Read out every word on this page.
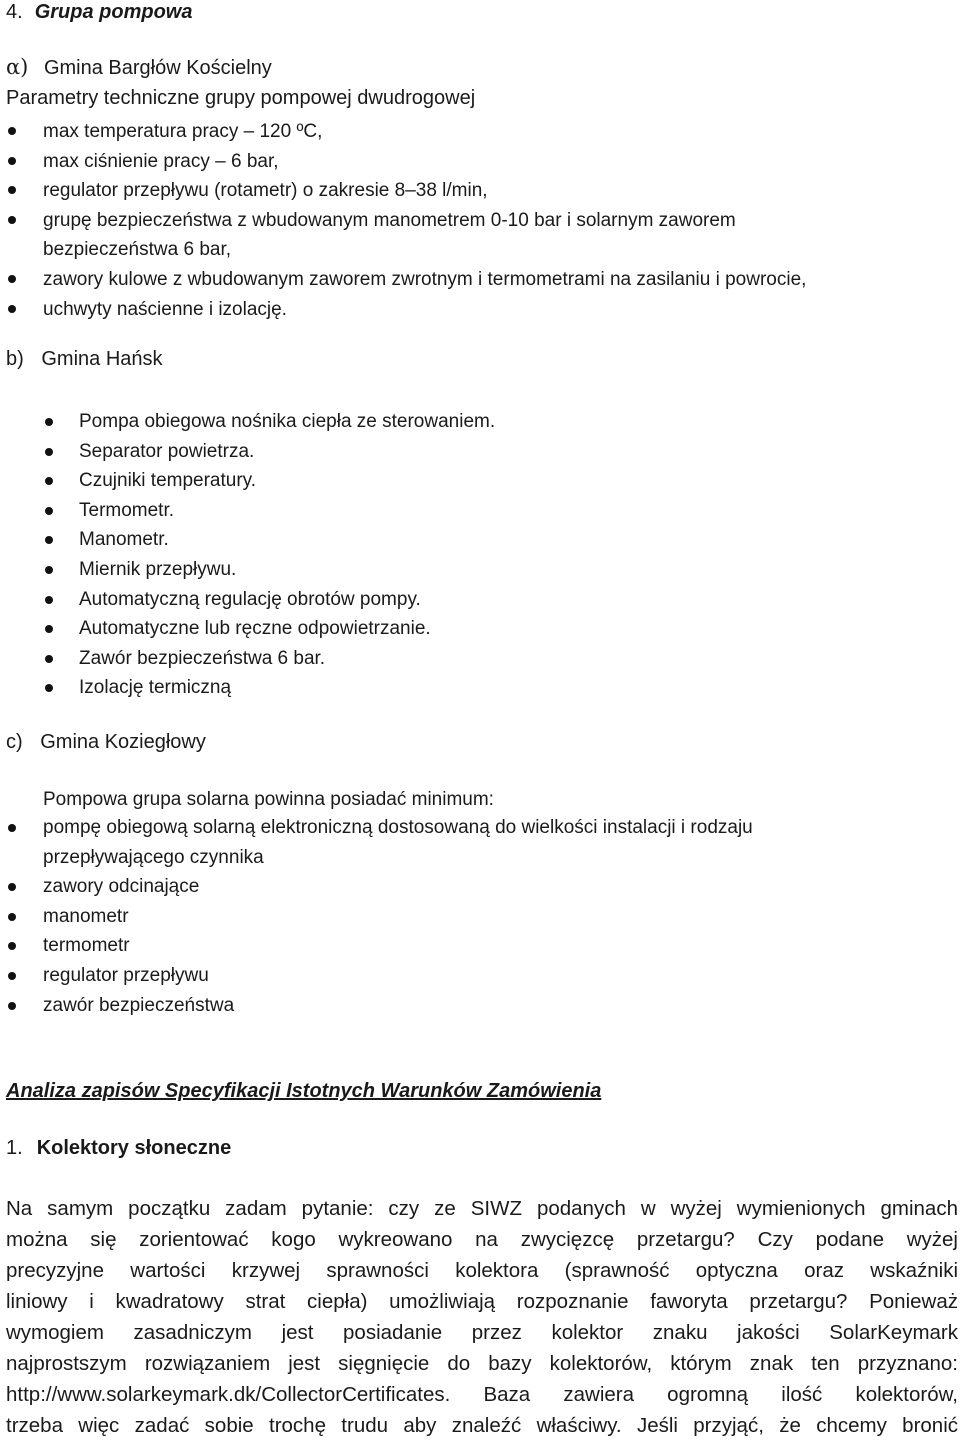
4. Grupa pompowa
α) Gmina Bargłów Kościelny
Parametry techniczne grupy pompowej dwudrogowej
max temperatura pracy – 120 ºC,
max ciśnienie pracy – 6 bar,
regulator przepływu (rotametr) o zakresie 8–38 l/min,
grupę bezpieczeństwa z wbudowanym manometrem 0-10 bar i solarnym zaworem
bezpieczeństwa 6 bar,
zawory kulowe z wbudowanym zaworem zwrotnym i termometrami na zasilaniu i powrocie,
uchwyty naścienne i izolację.
b) Gmina Hańsk
Pompa obiegowa nośnika ciepła ze sterowaniem.
Separator powietrza.
Czujniki temperatury.
Termometr.
Manometr.
Miernik przepływu.
Automatyczną regulację obrotów pompy.
Automatyczne lub ręczne odpowietrzanie.
Zawór bezpieczeństwa 6 bar.
Izolację termiczną
c) Gmina Koziegłowy
Pompowa grupa solarna powinna posiadać minimum:
pompę obiegową solarną elektroniczną dostosowaną do wielkości instalacji i rodzaju
przepływającego czynnika
zawory odcinające
manometr
termometr
regulator przepływu
zawór bezpieczeństwa
Analiza zapisów Specyfikacji Istotnych Warunków Zamówienia
1. Kolektory słoneczne
Na samym początku zadam pytanie: czy ze SIWZ podanych w wyżej wymienionych gminach
można się zorientować kogo wykreowano na zwycięzcę przetargu? Czy podane wyżej
precyzyjne wartości krzywej sprawności kolektora (sprawność optyczna oraz wskaźniki
liniowy i kwadratowy strat ciepła) umożliwiają rozpoznanie faworyta przetargu? Ponieważ
wymogiem zasadniczym jest posiadanie przez kolektor znaku jakości SolarKeymark
najprostszym rozwiązaniem jest sięgnięcie do bazy kolektorów, którym znak ten przyznano:
http://www.solarkeymark.dk/CollectorCertificates. Baza zawiera ogromną ilość kolektorów,
trzeba więc zadać sobie trochę trudu aby znaleźć właściwy. Jeśli przyjąć, że chcemy bronić
